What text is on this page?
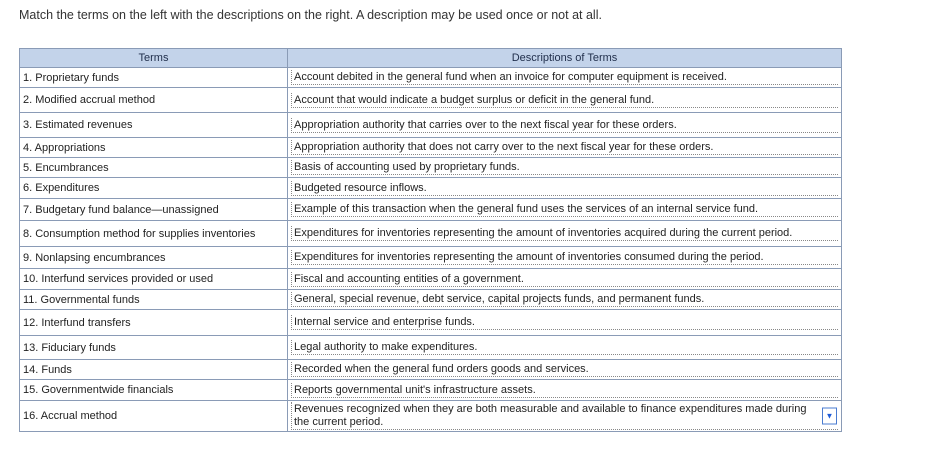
Match the terms on the left with the descriptions on the right. A description may be used once or not at all.
Terms	Descriptions of Terms
1. Proprietary funds	Account debited in the general fund when an invoice for computer equipment is received.

2. Modified accrual method	Account that would indicate a budget surplus or deficit in the general fund.

3. Estimated revenues	Appropriation authority that carries over to the next fiscal year for these orders.

4. Appropriations	Appropriation authority that does not carry over to the next fiscal year for these orders.

5. Encumbrances	Basis of accounting used by proprietary funds.

6. Expenditures	Budgeted resource inflows.

7. Budgetary fund balance—unassigned	Example of this transaction when the general fund uses the services of an internal service fund.

8. Consumption method for supplies inventories	Expenditures for inventories representing the amount of inventories acquired during the current period.

9. Nonlapsing encumbrances	Expenditures for inventories representing the amount of inventories consumed during the period.

10. Interfund services provided or used	Fiscal and accounting entities of a government.

11. Governmental funds	General, special revenue, debt service, capital projects funds, and permanent funds.

12. Interfund transfers	Internal service and enterprise funds.

13. Fiduciary funds	Legal authority to make expenditures.

14. Funds	Recorded when the general fund orders goods and services.

15. Governmentwide financials	Reports governmental unit's infrastructure assets.

16. Accrual method	Revenues recognized when they are both measurable and available to finance expenditures made during the current period.
▼
